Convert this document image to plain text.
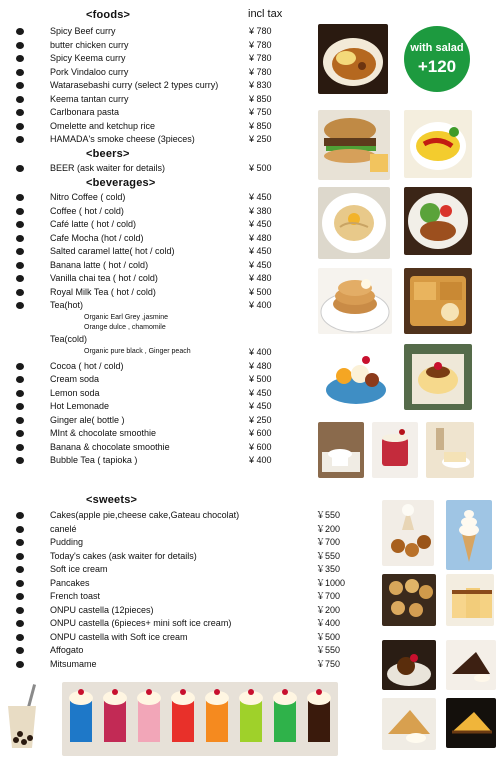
<foods>	incl tax
<beers>
<beverages>
<sweets>
Spicy Beef curry	¥ 780
butter chicken curry	¥ 780
Spicy Keema curry	¥ 780
Pork Vindaloo curry	¥ 780
Watarasebashi curry (select 2 types curry)	¥ 830
Keema tantan curry	¥ 850
Carlbonara pasta	¥ 750
Omelette and ketchup rice	¥ 850
HAMADA's smoke cheese (3pieces)	¥ 250
BEER (ask waiter for details)	¥ 500
Nitro Coffee ( cold)	¥ 450
Coffee ( hot / cold)	¥ 380
Café latte ( hot / cold)	¥ 450
Cafe Mocha (hot / cold)	¥ 480
Salted caramel latte( hot / cold)	¥ 450
Banana latte ( hot / cold)	¥ 450
Vanilla chai tea ( hot / cold)	¥ 480
Royal Milk Tea ( hot / cold)	¥ 500
Tea(hot)	¥ 400
Organic Earl Grey ,jasmine
Orange dulce , chamomile
Tea(cold)
Organic pure black , Ginger peach	¥ 400
Cocoa ( hot / cold)	¥ 480
Cream soda	¥ 500
Lemon soda	¥ 450
Hot Lemonade	¥ 450
Ginger ale( bottle )	¥ 250
MInt & chocolate smoothie	¥ 600
Banana & chocolate smoothie	¥ 600
Bubble Tea ( tapioka )	¥ 400
Cakes(apple pie,cheese cake,Gateau chocolat)	￥550
canelé	￥200
Pudding	￥700
Today's cakes (ask waiter for details)	￥550
Soft ice cream	￥350
Pancakes	￥1000
French toast	￥700
ONPU castella (12pieces)	￥200
ONPU castella (6pieces+ mini soft ice cream)	￥400
ONPU castella with Soft ice cream	￥500
Affogato	￥550
Mitsumame	￥750
with salad
+120
